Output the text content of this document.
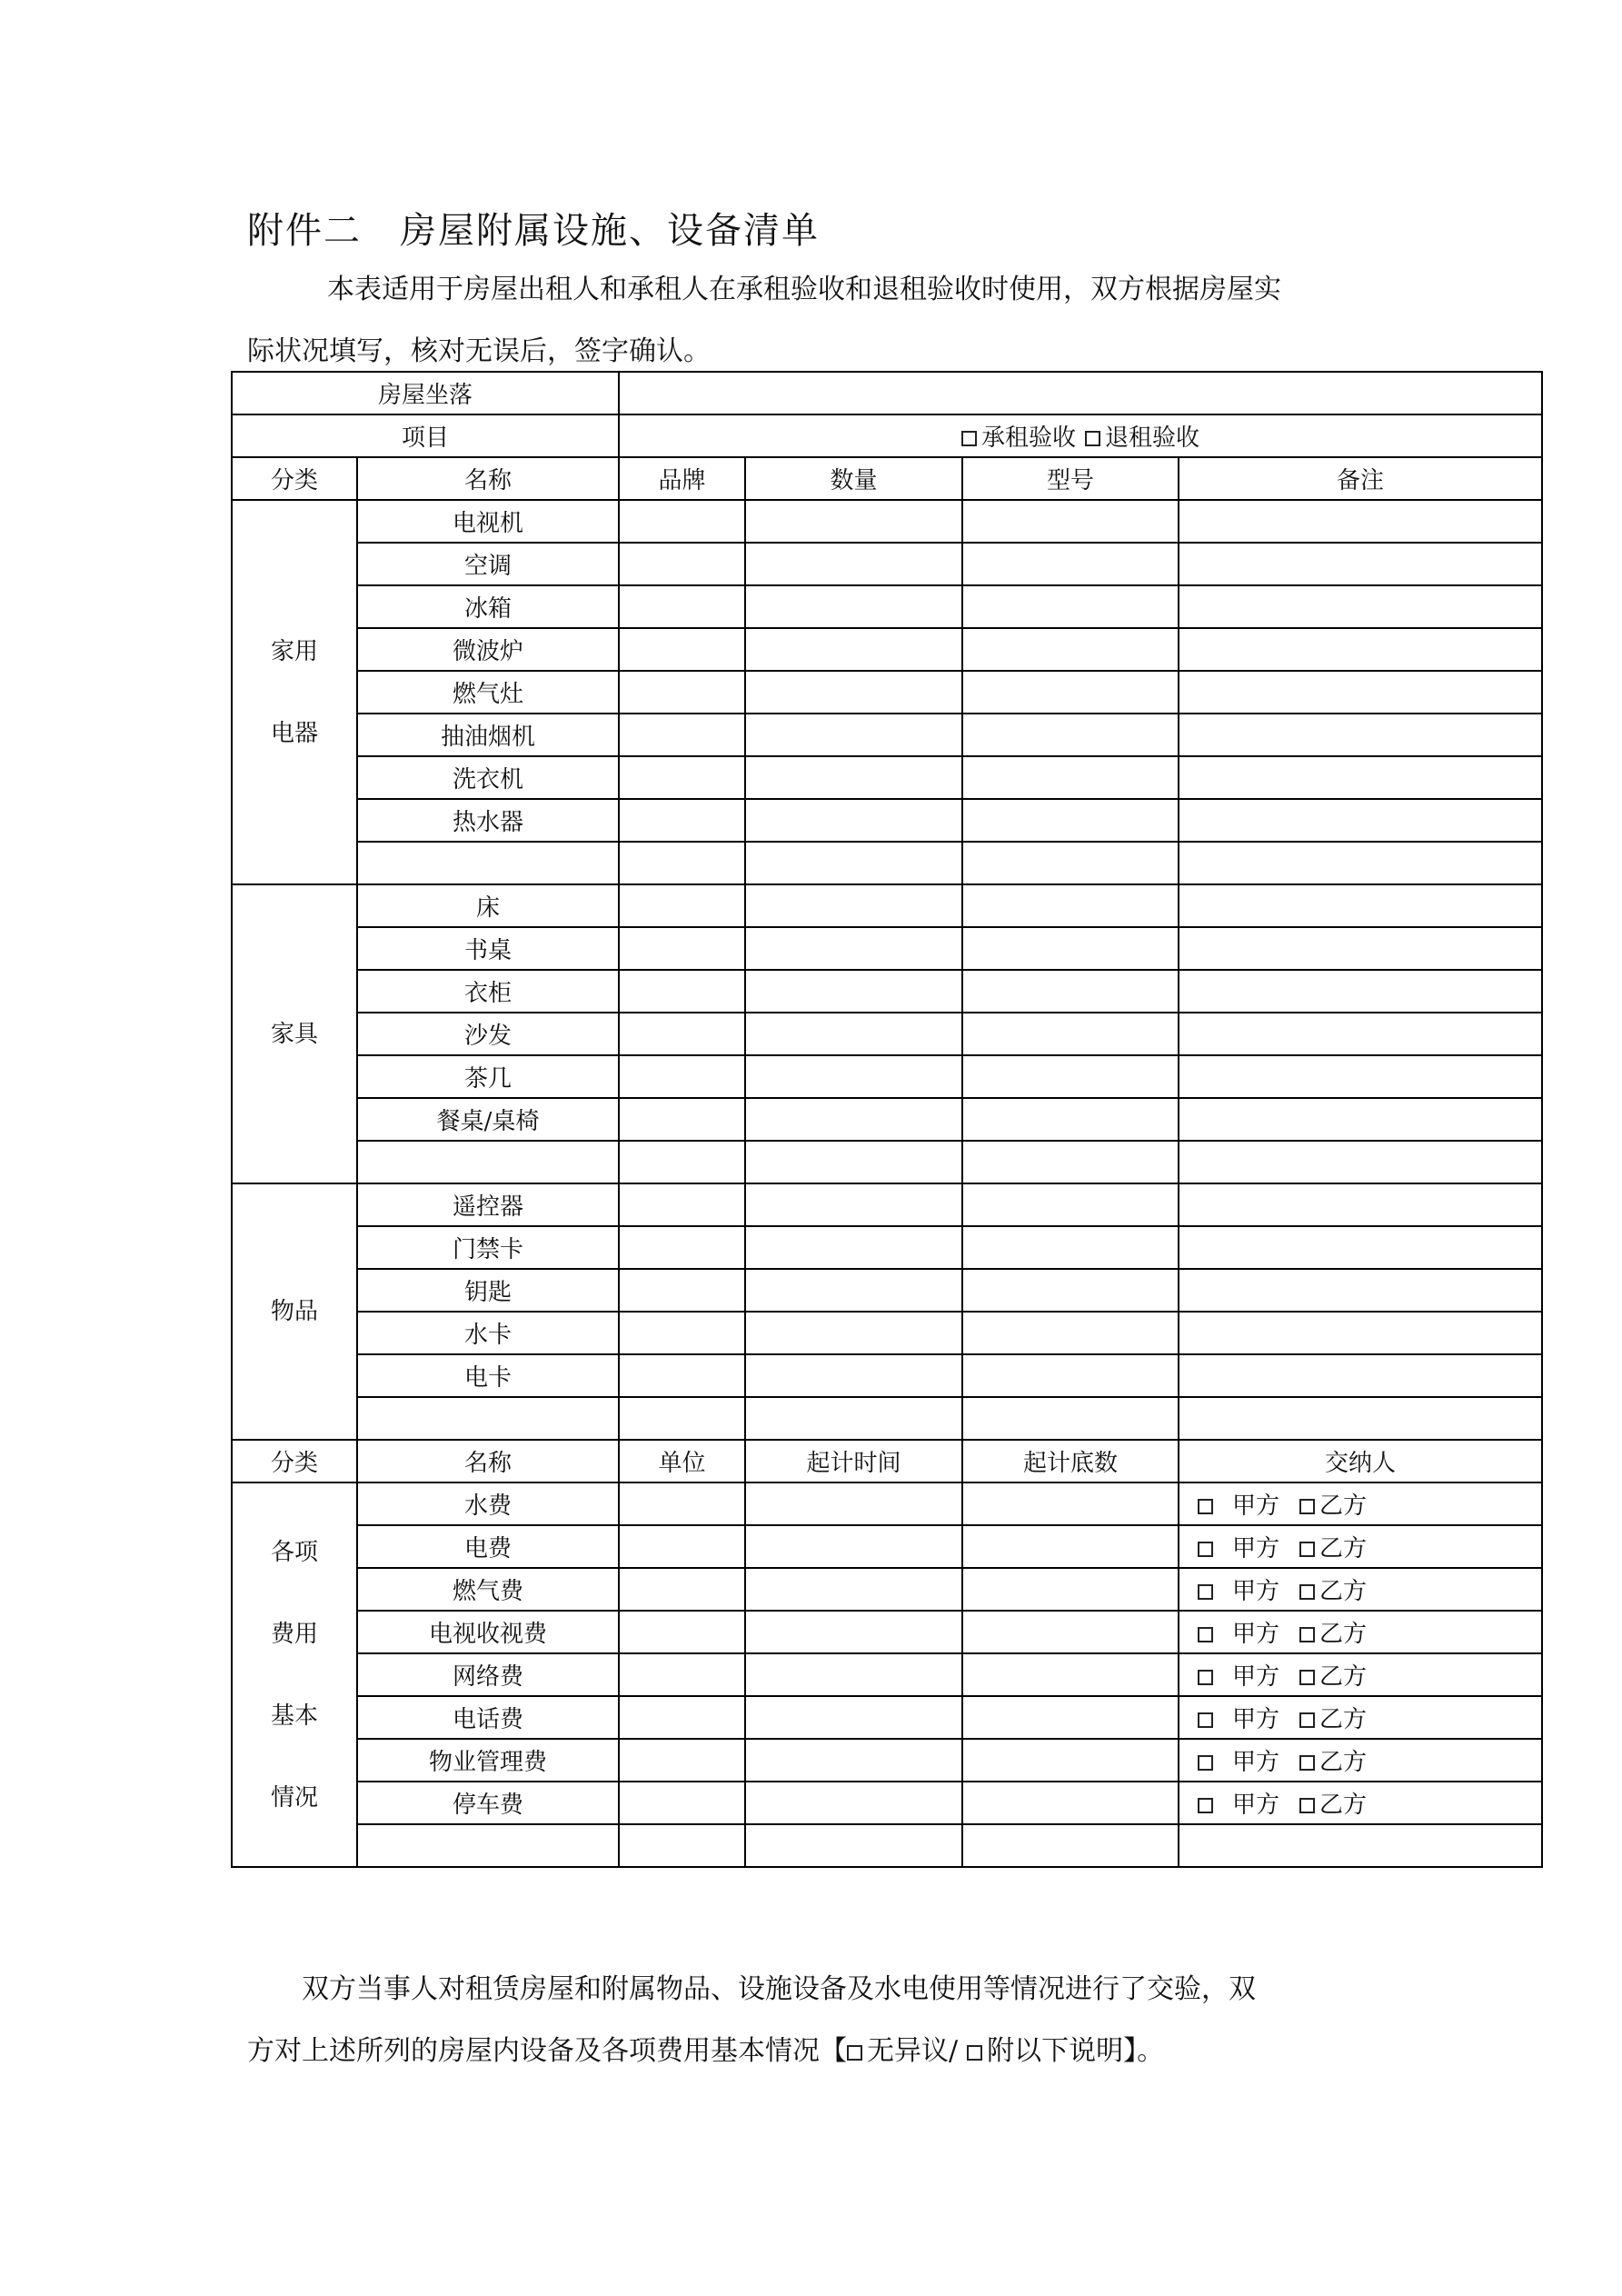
附件二 房屋附属设施、设备清单

本表适用于房屋出租人和承租人在承租验收和退租验收时使用，双方根据房屋实
际状况填写，核对无误后，签字确认。

房屋坐落					
项目		承租验收 退租验收			
分类	名称	品牌	数量	型号	备注

家用
电器	电视机				
	空调				
	冰箱				
	微波炉				
	燃气灶				
	抽油烟机				
	洗衣机				
	热水器				

家具	床				
	书桌				
	衣柜				
	沙发				
	茶几				
	餐桌/桌椅				

物品	遥控器				
	门禁卡				
	钥匙				
	水卡				
	电卡				

分类	名称	单位	起计时间	起计底数	交纳人

各项
费用
基本
情况	水费				甲方 乙方
	电费				甲方 乙方
	燃气费				甲方 乙方
	电视收视费				甲方 乙方
	网络费				甲方 乙方
	电话费				甲方 乙方
	物业管理费				甲方 乙方
	停车费				甲方 乙方

双方当事人对租赁房屋和附属物品、设施设备及水电使用等情况进行了交验，双
方对上述所列的房屋内设备及各项费用基本情况【 无异议/ 附以下说明】。
